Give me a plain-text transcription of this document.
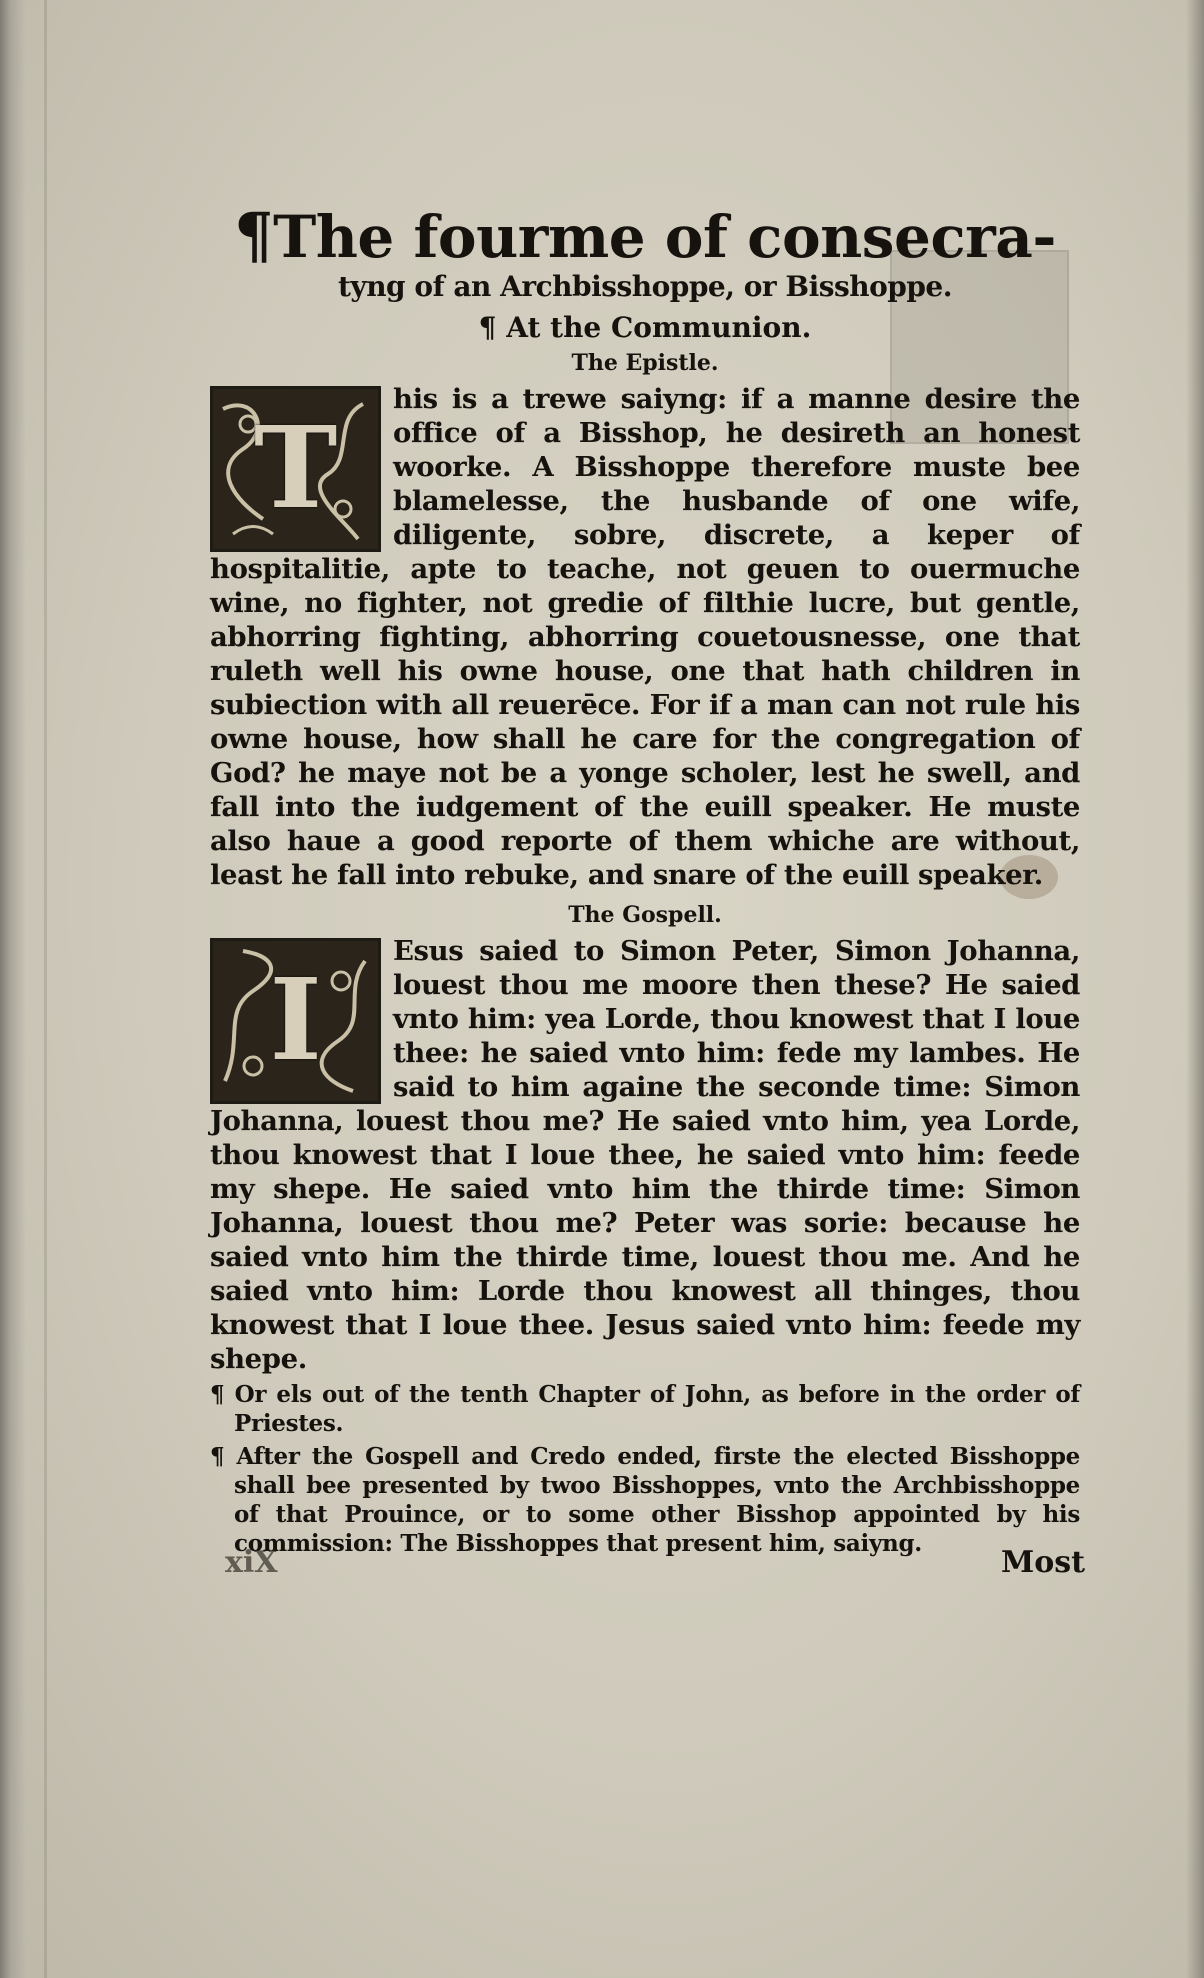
¶The fourme of consecra-
tyng of an Archbisshoppe, or Bisshoppe.
¶ At the Communion.
The Epistle.
T
his is a trewe saiyng: if a manne desire the office of a Bisshop, he desireth an honest woorke. A Bisshoppe therefore muste bee blamelesse, the husbande of one wife, diligente, sobre, discrete, a keper of hospitalitie, apte to teache, not geuen to ouermuche wine, no fighter, not gredie of filthie lucre, but gentle, abhorring fighting, abhorring couetousnesse, one that ruleth well his owne house, one that hath children in subiection with all reuerēce. For if a man can not rule his owne house, how shall he care for the congregation of God? he maye not be a yonge scholer, lest he swell, and fall into the iudgement of the euill speaker. He muste also haue a good reporte of them whiche are without, least he fall into rebuke, and snare of the euill speaker.
The Gospell.
I
Esus saied to Simon Peter, Simon Johanna, louest thou me moore then these? He saied vnto him: yea Lorde, thou knowest that I loue thee: he saied vnto him: fede my lambes. He said to him againe the seconde time: Simon Johanna, louest thou me? He saied vnto him, yea Lorde, thou knowest that I loue thee, he saied vnto him: feede my shepe. He saied vnto him the thirde time: Simon Johanna, louest thou me? Peter was sorie: because he saied vnto him the thirde time, louest thou me. And he saied vnto him: Lorde thou knowest all thinges, thou knowest that I loue thee. Jesus saied vnto him: feede my shepe.
¶ Or els out of the tenth Chapter of John, as before in the order of Priestes.
¶ After the Gospell and Credo ended, firste the elected Bisshoppe shall bee presented by twoo Bisshoppes, vnto the Archbisshoppe of that Prouince, or to some other Bisshop appointed by his commission: The Bisshoppes that present him, saiyng.
xiX	Most
